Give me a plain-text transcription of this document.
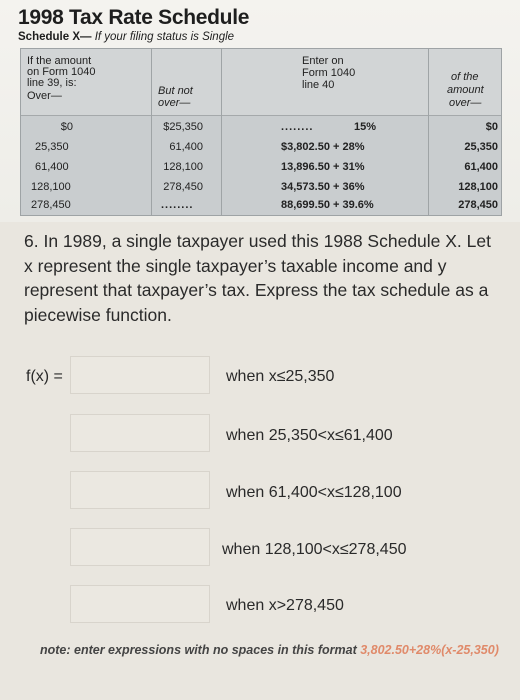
1998 Tax Rate Schedule
Schedule X— If your filing status is Single
If the amount
on Form 1040
line 39, is:
Over—	But not
over—
Enter on
Form 1040
line 40
of the
amount
over—
$0	$25,350	........	15%	$0
25,350	61,400	$3,802.50 + 28%	25,350
61,400	128,100	13,896.50 + 31%	61,400
128,100	278,450	34,573.50 + 36%	128,100
278,450	........	88,699.50 + 39.6%	278,450
6. In 1989, a single taxpayer used this 1988 Schedule X. Let x represent the single taxpayer’s taxable income and y represent that taxpayer’s tax. Express the tax schedule as a piecewise function.
f(x) =	when x≤25,350
when 25,350<x≤61,400
when 61,400<x≤128,100
when 128,100<x≤278,450
when x>278,450
note: enter expressions with no spaces in this format 3,802.50+28%(x-25,350)
